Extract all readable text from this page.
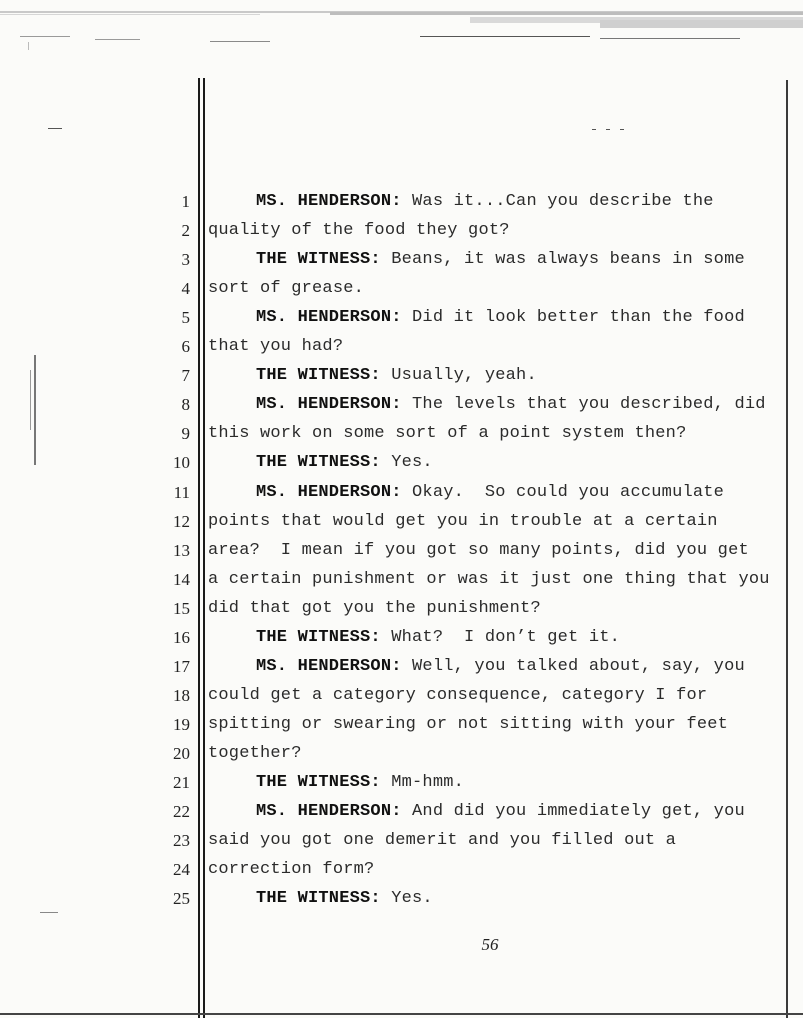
1	MS. HENDERSON: Was it...Can you describe the
2 quality of the food they got?
3	THE WITNESS: Beans, it was always beans in some
4 sort of grease.
5	MS. HENDERSON: Did it look better than the food
6 that you had?
7	THE WITNESS: Usually, yeah.
8	MS. HENDERSON: The levels that you described, did
9 this work on some sort of a point system then?
10	THE WITNESS: Yes.
11	MS. HENDERSON: Okay.  So could you accumulate
12 points that would get you in trouble at a certain
13 area?  I mean if you got so many points, did you get
14 a certain punishment or was it just one thing that you
15 did that got you the punishment?
16	THE WITNESS: What?  I don’t get it.
17	MS. HENDERSON: Well, you talked about, say, you
18 could get a category consequence, category I for
19 spitting or swearing or not sitting with your feet
20 together?
21	THE WITNESS: Mm-hmm.
22	MS. HENDERSON: And did you immediately get, you
23 said you got one demerit and you filled out a
24 correction form?
25	THE WITNESS: Yes.
56
